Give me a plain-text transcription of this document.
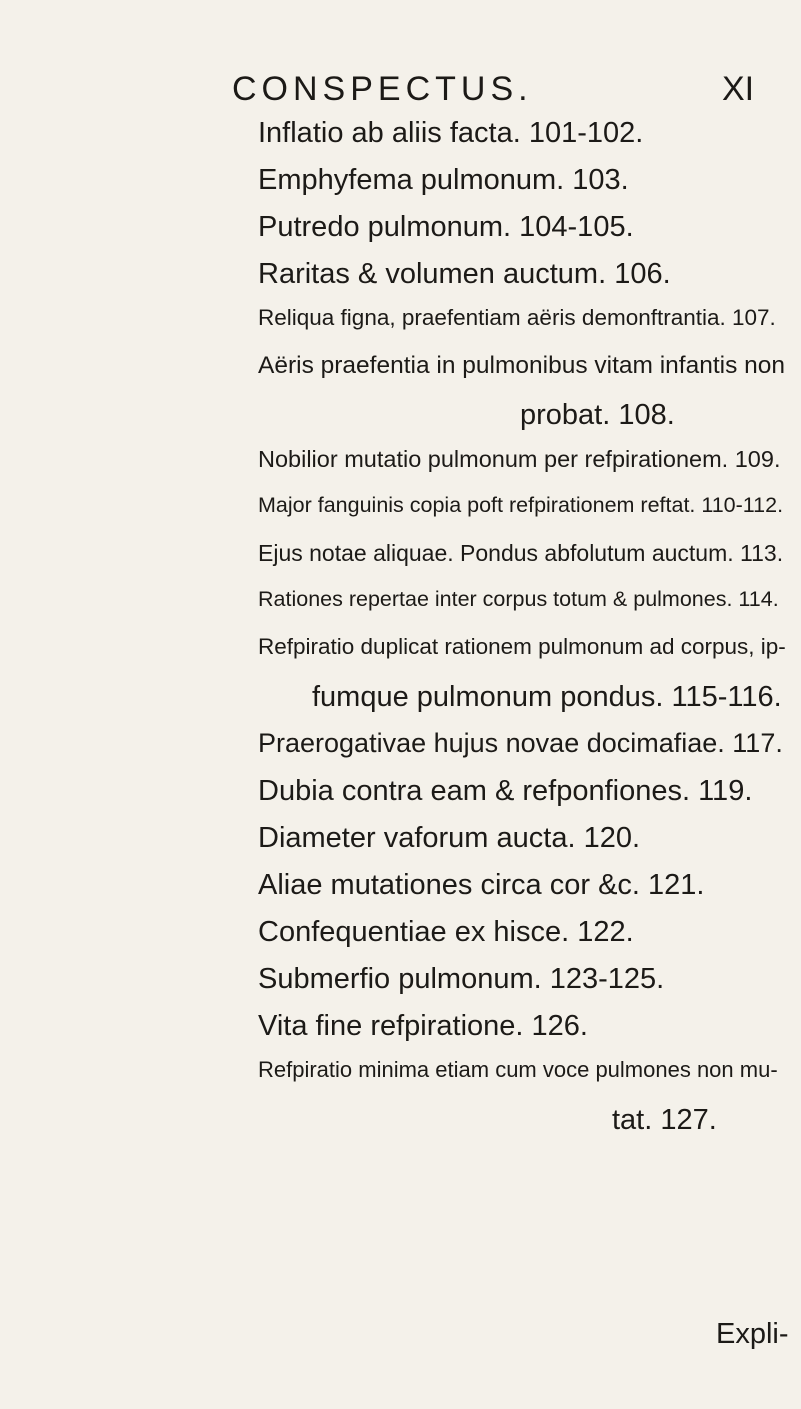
CONSPECTUS.	XI
Inflatio ab aliis facta. 101-102.
Emphyfema pulmonum. 103.
Putredo pulmonum. 104-105.
Raritas & volumen auctum. 106.
Reliqua figna, praefentiam aëris demonftrantia. 107.
Aëris praefentia in pulmonibus vitam infantis non
probat. 108.
Nobilior mutatio pulmonum per refpirationem. 109.
Major fanguinis copia poft refpirationem reftat. 110-112.
Ejus notae aliquae. Pondus abfolutum auctum. 113.
Rationes repertae inter corpus totum & pulmones. 114.
Refpiratio duplicat rationem pulmonum ad corpus, ip-
fumque pulmonum pondus. 115-116.
Praerogativae hujus novae docimafiae. 117.
Dubia contra eam & refponfiones. 119.
Diameter vaforum aucta. 120.
Aliae mutationes circa cor &c. 121.
Confequentiae ex hisce. 122.
Submerfio pulmonum. 123-125.
Vita fine refpiratione. 126.
Refpiratio minima etiam cum voce pulmones non mu-
tat. 127.
Expli-
